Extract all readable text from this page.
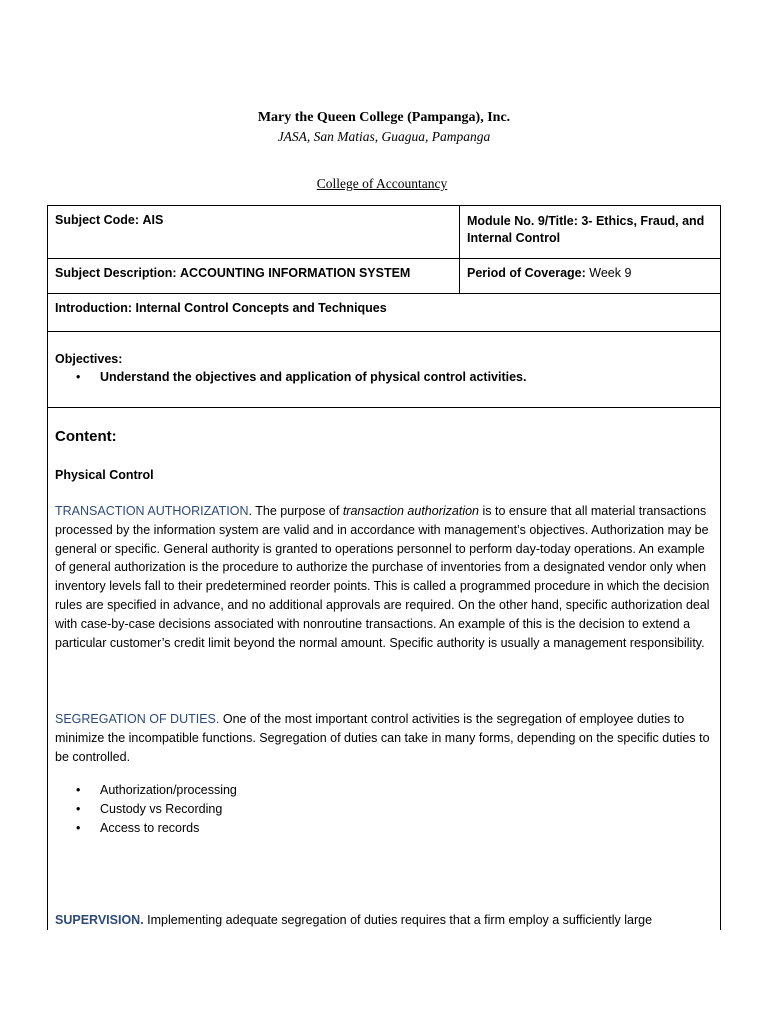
Mary the Queen College (Pampanga), Inc.
JASA, San Matias, Guagua, Pampanga
College of Accountancy
Subject Code: AIS	Module No. 9/Title: 3- Ethics, Fraud, and Internal Control
Subject Description: ACCOUNTING INFORMATION SYSTEM	Period of Coverage: Week 9
Introduction: Internal Control Concepts and Techniques
Objectives:
• Understand the objectives and application of physical control activities.
Content:
Physical Control
TRANSACTION AUTHORIZATION. The purpose of transaction authorization is to ensure that all material transactions processed by the information system are valid and in accordance with management’s objectives. Authorization may be general or specific. General authority is granted to operations personnel to perform day-today operations. An example of general authorization is the procedure to authorize the purchase of inventories from a designated vendor only when inventory levels fall to their predetermined reorder points. This is called a programmed procedure in which the decision rules are specified in advance, and no additional approvals are required. On the other hand, specific authorization deal with case-by-case decisions associated with nonroutine transactions. An example of this is the decision to extend a particular customer’s credit limit beyond the normal amount. Specific authority is usually a management responsibility.
SEGREGATION OF DUTIES. One of the most important control activities is the segregation of employee duties to minimize the incompatible functions. Segregation of duties can take in many forms, depending on the specific duties to be controlled.
• Authorization/processing
• Custody vs Recording
• Access to records
SUPERVISION. Implementing adequate segregation of duties requires that a firm employ a sufficiently large
